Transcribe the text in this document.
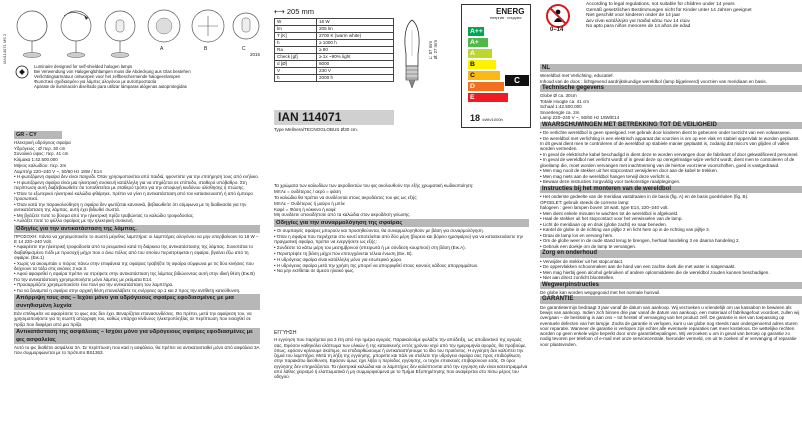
IAN114071 MS 2	A	B	C
2015
Luminaire designed for self-shielded halogen lamps
Bei Verwendung von Halogenglühlampen muss die Abdeckung aus Glas bestehen
Verlichtingsarmatuur ontworpen voor het zelfbeschermende halogeenlampen
Φωτιστικό σχεδιασμένο για λάμπες αλογόνου με αυτοπροστασία
Aparate de iluminación diseñado para utilizar lámparas alógenas autoprotegidas
GR - CY

Ηλεκτρική υδρόγειος σφαίρα

Υδρόγειος : Ø περ. 30 cm

Συνολικό ύψος: περ. 41 cm

Κλίμακα 1:42.500.000

Μήκος καλωδίου: περ. 2m

Λαμπτήρ 220–240 V ~, 50/60 Hz 18W / E14

• Η φωτιζόμενη σφαίρα δεν είναι παιχνίδι. Όταν χρησιμοποιείται από παιδιά, φροντίστε για την επιτήρηση τους από ενήλικο.

• Η φωτιζόμενη σφαίρα είναι μια ηλεκτρική συσκευή κατάλληλη για να στηρίζεται σε επίπεδο, σταθερό υπόβαθρο. Στη περίπτωση αυτή διαβεβαιωθείτε ότι τοποθετείται με σταθερό τρόπο για την αποφυγή κινδύνου ολίσθησης ή πτώσης.

• Όταν το εξωτερικό ηλεκτρικό καλώδιο φθάρηκε, πρέπει να γίνει η αντικατάσταση από τον κατασκευαστή ή από έμπειρο προσωπικό.

• Όταν κατά την παρακολούθηση η σφαίρα δεν φωτίζεται κανονικά, βεβαιωθείτε ότι σύμφωνα με τη διαδικασία για την αντικατάσταση της λάμπας, αυτή έχει βιδωθεί σωστά.

• Μη βγάζετε ποτέ το βύσμα από την ηλεκτρική πρίζα τραβώντας το καλώδιο τροφοδοσίας.

• Αυλάξτε ποτέ το φύλλο σφαίρας με την ηλεκτρική συσκευή.

Οδηγίες για την αντικατάσταση της λάμπας.

ΠΡΟΣΟΧΗ: πάντα να χρησιμοποιείτε το σωστό μέγεθος λαμπτήρα: οι λαμπτήρες αλογόνου να μην υπερβαίνουν τα 18 W – E 14 220–240 Volt.

• Αφαιρέστε την ηλεκτρική τροφοδοσία από το ρευματικό κατά τη διάρκεια της αντικατάστασης της λάμπας. Συνιστάται το διαβαθμισμένο πόδι με προσοχή μέχρι που ο άνω πόλος από του οποίου περιστρέφεται η σφαίρα, βγαίνει έξω από τη σφαίρα. (Εικ.1)

• Χωρίς να ακουμπάει ο πιόρος πάνω στην επιφάνεια της σφαίρας τραβήξτε τη σφαίρα σύμφωνα με τις δύο κινήσεις που δείχνουν τα τόξα στις εικόνες 2 και 3.

• Αφού αφαιρεθεί η σφαίρα πρέπει να στρέψετε στην αντικατάσταση της λάμπας βιδώνοντας αυτή στην ιδική θέση (Εικ.Β) Για την αντικατάσταση χρησιμοποιήστε μόνο λάμπες με ρεύματα Ε14.

• Προσαρμόζετε χρησιμοποιείστε ένα πανί για την αντικατάσταση του λαμπτήρα.

• Για να ξαναμπεί η σφαίρα στην αρχική θέση επαναλάβετε τις ενέργειες αρ.1 και 2 προς την αντίθετη κατεύθυνση.

Απόρριψη τους σας – Ιεχύει μόνο για υδρόγειους σφαίρες εφοδιασμένες με μια συνηθισμένη λυχνία

Εάν επιθυμείτε να αφαιρέσετε το φως σας δεν έχει. Βεναρίζηται επανασυνδέσεις. Θα πρέπει, μετά την αφαίρεση του, να χρησιμοποιήσετε για τη σωστή απόρριψη του, καθώς υπάρχει κίνδυνος ηλεκτροπληξίας σε περίπτωση που εισαχθεί σε πρίζα που διαφέρει από μια πρίζα.

Αντικατάσταση της ασφάλειας – Ισχύει μόνο για υδρόγειους σφαίρες εφοδιασμένες με φις ασφαλείας

Αυτό το φις διαθέτει ασφάλεια 3A. Σε περίπτωση που καεί η ασφάλεια, θα πρέπει να αντικατασταθεί μόνο από ασφάλεια 3A που συμμορφώνεται με το πρότυπο BS1363.

⟷ 205 mm
W	18 W
lm	205 lm
T [K]	2700 K (warm white)
h	≥ 1000 h
Ra	≥ 80
Check [gf]	≥ 1x ~90% light
d [Ø]	8000
V	230 V
h	2000 h
L: 57 mm Ø: 27 mm
ENERG
енергия · ενεργεια
A++
A+
A
B
C
D
E
C
18 kWh/1000h
IAN 114071
Type Mellnera/TECNOGLOBUS Ø30 cm.

Τα χρώματα των καλωδίων των ακροδεκτών του φις ακολουθούν την εξής χρωματική κωδικοποίηση:

ΜπΛε = ουδέτερος / αερό = φάση

Τα καλώδια θα πρέπει να συνδέονται στους ακροδέκτες του φις ως εξής:

ΜπΛε – Ουδέτερος ή μαύρο ή μπλε

Καφέ = Φάση ή κόκκινο ή καφέ

Μη συνδέετε οποιοδήποτε από τα καλώδια στον ακροδέκτη γείωσης.

Οδηγίες για την συναρμολόγηση της σφαίρας

• Οι συμπαγείς σφαίρες μπορούν και προσηθεύονται, θα συναρμολογηθούν με βάση για συναρμολόγηση.

• Όταν η σφαίρα που περιέχεται στο κουτί αποτελείται από δύο μέρη (βορειο και βόρειο ημισφαίριο) για να κατασκευάσετε την πραγματική σφαίρα, πρέπει να ενεργήσετε ως εξής:

• Συνδέστε τα κάτω μέρη του μεσημβρινού (σπειρωτά ή με σύνδεση κουμπιού) στη βάση (Εικ.Α).

• Περιστρέψτε τη βάση μέχρι που επιτυγχάνεται τέλεια ένωση (Εικ. Β).

• Η υδρόγειος σφαίρα είναι κατάλληλη μόνο για εσωτερικό χώρο.

• Η υδρόγειος σφαίρα μετά την χρήση της μπορεί να απορριφθεί στους κοινούς κάδους απορριμμάτων.

• Να μην εκτίθεται σε άμεσο ηλιακό φως.

ΕΓΓΥΗΣΗ

Η εγγύηση που παρέχεται για 3 έτη από την ημέρα αγοράς. Παρακαλούμε φυλάξτε την απόδειξη, ως αποδεικτικό της αγοράς σας. Εφόσον καθηκόλει ελάττωμα των υλικών ή της κατασκευής εντός χρόνου ισχύ από την ημερομηνία αγοράς, θα προβούμε, όπως, εφόσον κρίνουμε σκόπιμο, να επιδιορθώσουμε ή αντικαταστήσουμε το ίδιο του προϊόντος. Η εγγύηση δεν καλύπτει την ζημιά του λαμπτήρα. Μετά τη λήξη της εγγύησης, μπορείτε και πάλι να στείλετε την υδρόγειο σφαίρα σας προς επιδιόρθωση στην παρακάτω διεύθυνση. Εφόσον όμως έχει λήξει η περίοδος εγγύησης, οι τυχόν επισκευές επιβαρύνουν εσάς. Οι όροι εγγύησης δεν επηρεάζονται. Τα ηλεκτρικά καλώδια και οι λαμπτήρες δεν καλύπτονται από την εγγύηση εάν είναι κατεστραμμένα από λάθος χειρισμό ή ελαττωματικά ή μη συμμορφούμενα με το Τμήμα Εξυπηρέτησης που αναφέρεται στο πίσω μέρος του οδηγού.

0–14
According to legal regulations, not suitable for children under 14 years
Gemäß gesetzlichen Bestimmungen nicht für Kinder unter 14 Jahren geeignet
Niet geschikt voor kinderen onder de 14 jaar
Δεν είναι κατάλληλο για παιδιά κάτω των 14 ετών
No apto para niños menores de 14 años de edad
NL

Wereldbol met Verlichting, educatief.

Inhoud van de doos : lichtgevend aardrijkskundige wereldbol (lamp bijgeleverd) voorzien van meridiaan en basis.

Technische gegevens

Globe Ø ca. 30cm

Totale Hoogte ca. 41 cm

Schaal 1:42.500.000

Snoerlengte ca. 2m

Lamp 220–240 V ~, 50/60 Hz 18W/E14

WAARSCHUWINGEN MET BETREKKING TOT DE VEILIGHEID

• De verlichte wereldbol is geen speelgoed. Het gebruik door kinderen dient te gebeuren onder toezicht van een volwassene.

• De wereldbol met verlichting is een elektrisch apparaat dat voorzien is om op een vlak en stabiel oppervlak te worden geplaatst. In dit geval dient men te controleren of de wereldbol op stabiele manier geplaatst is, zodanig dat risico's van glijden of vallen worden vermeden.

• In geval de elektrische kabel beschadigd is dient deze te worden vervangen door de fabrikant of door gekwalificeerd personeel.

• In geval de wereldbol niet verlicht wordt of in geval deze op onregelmatige wijze verlicht wordt, dient men te controleren of de gloeilamp die, moet worden vervangen met inachtneming van de hiertoe voorziene voorschriften, goed is vastgedraaid.

• Men mag nooit de stekker uit het stopcontact verwijderen door aan de kabel te trekken.

• Men mag niets aan de wereldbol hangen terwijl deze verlicht is.

• Bewaar deze instructies zorgvuldig voor toekomstige raadplegingen.

Instructies bij het monteren van de wereldbol

• Het onderste gedeelte van de meridiaa vastdraaien in de basis (fig. A) en de basis goedsluiten (fig. B).

OPGELET: gebruik steeds de correcte lamp:

halogeen : geen lampen boven 18 watt, type E14, 220–240 volt.

• Men dient enkele minuten te wachten tot de wereldbol is afgekoeld.

• Haal de stekker uit het stopcontact voor het verwisselen van de lamp.

• Licht de meridiaan op en druk (globe zacht) ex naar beneden.

• Kantel de globe in de richting van pijltje 2 en licht hem op in de richting van pijltje 3.

• Draai de lamp los en vervang hem.

• Om de globe weer in de oude stand terug te brengen, herhaal handeling 3 en daarna handeling 2.

• Gebruik een doekje om de lamp te vervangen.

Zorg en onderhoud

• Verwijder de stekker uit het stopcontact.

• De oppervlakken schoonmaken aan de hand van een zachte doek die met water is natgemaakt.

• Men mag hierbij geen alcohol gebruiken of andere oplosmiddelen die de wereldbol zouden kunnen beschadigen.

• Niet aan direct zonlicht blootstellen.

Wegwerpinstructies

De globe kan worden weggegooid met het normale huisvuil.

GARANTIE

De garantietermijn bedraagt 3 jaar vanaf de datum van aankoop. Wij verzoeken u vriendelijk om uw kassabon te bewaren als bewijs van aankoop. Indien zich binnen drie jaar vanaf de datum van aankoop, een materiaal of fabrikagefout voordoet, zullen wij overgaan – de beslissing is aan ons – tot herstel of vervanging van het product zelf. De garantie is niet van toepassing op eventuele defecten van het lampje. Zodra de garantie is verlopen, kunt u uw globe nog steeds naar ondergenoemd adres sturen voor reparatie. Wanneer de garantie is verlopen zijn echter alle eventuele reparaties niet meer kosteloos. De wettelijke rechten worden op geen enkele wijze beperkt door onze garantiebepalingen. Wij verzoeken u om in geval van beroep op garantie zo nodig tevoren per telefoon of e-mail met onze servicecentrale, hieronder vermeld, om uit te zoeken of er vervanging of reparatie voor plaatsvinden.
